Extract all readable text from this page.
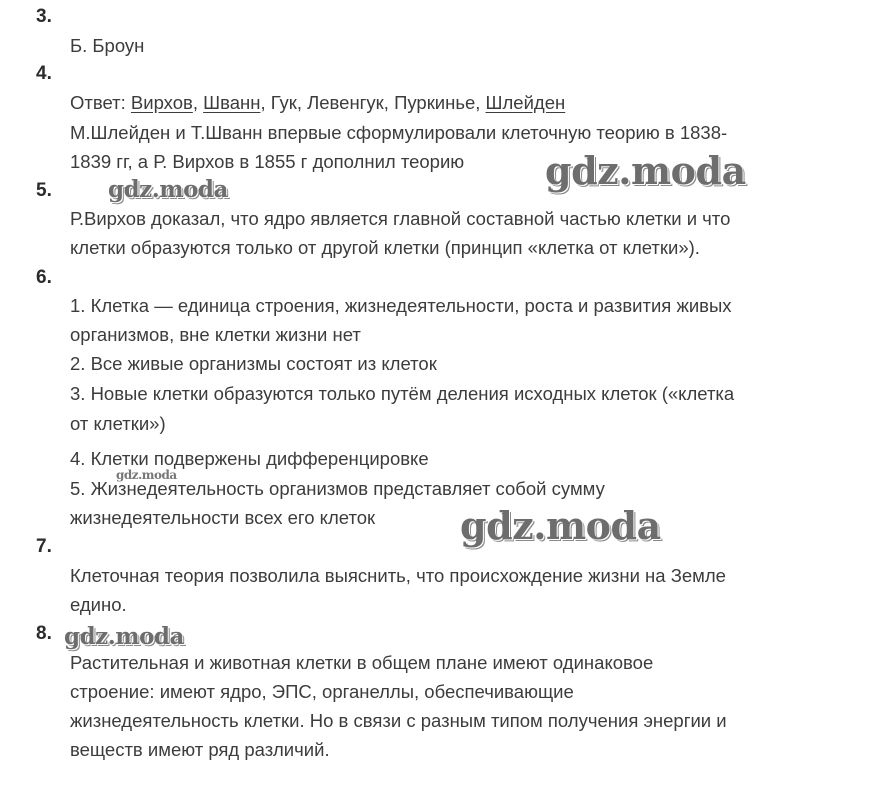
3.
Б. Броун
4.
Ответ: Вирхов, Шванн, Гук, Левенгук, Пуркинье, Шлейден
М.Шлейден и Т.Шванн впервые сформулировали клеточную теорию в 1838-
1839 гг, а Р. Вирхов в 1855 г дополнил теорию
5.
Р.Вирхов доказал, что ядро является главной составной частью клетки и что
клетки образуются только от другой клетки (принцип «клетка от клетки»).
6.
1. Клетка — единица строения, жизнедеятельности, роста и развития живых
организмов, вне клетки жизни нет
2. Все живые организмы состоят из клеток
3. Новые клетки образуются только путём деления исходных клеток («клетка
от клетки»)
4. Клетки подвержены дифференцировке
5. Жизнедеятельность организмов представляет собой сумму
жизнедеятельности всех его клеток
7.
Клеточная теория позволила выяснить, что происхождение жизни на Земле
едино.
8.
Растительная и животная клетки в общем плане имеют одинаковое
строение: имеют ядро, ЭПС, органеллы, обеспечивающие
жизнедеятельность клетки. Но в связи с разным типом получения энергии и
веществ имеют ряд различий.
gdz.moda
gdz.moda
gdz.moda
gdz.moda
gdz.moda
